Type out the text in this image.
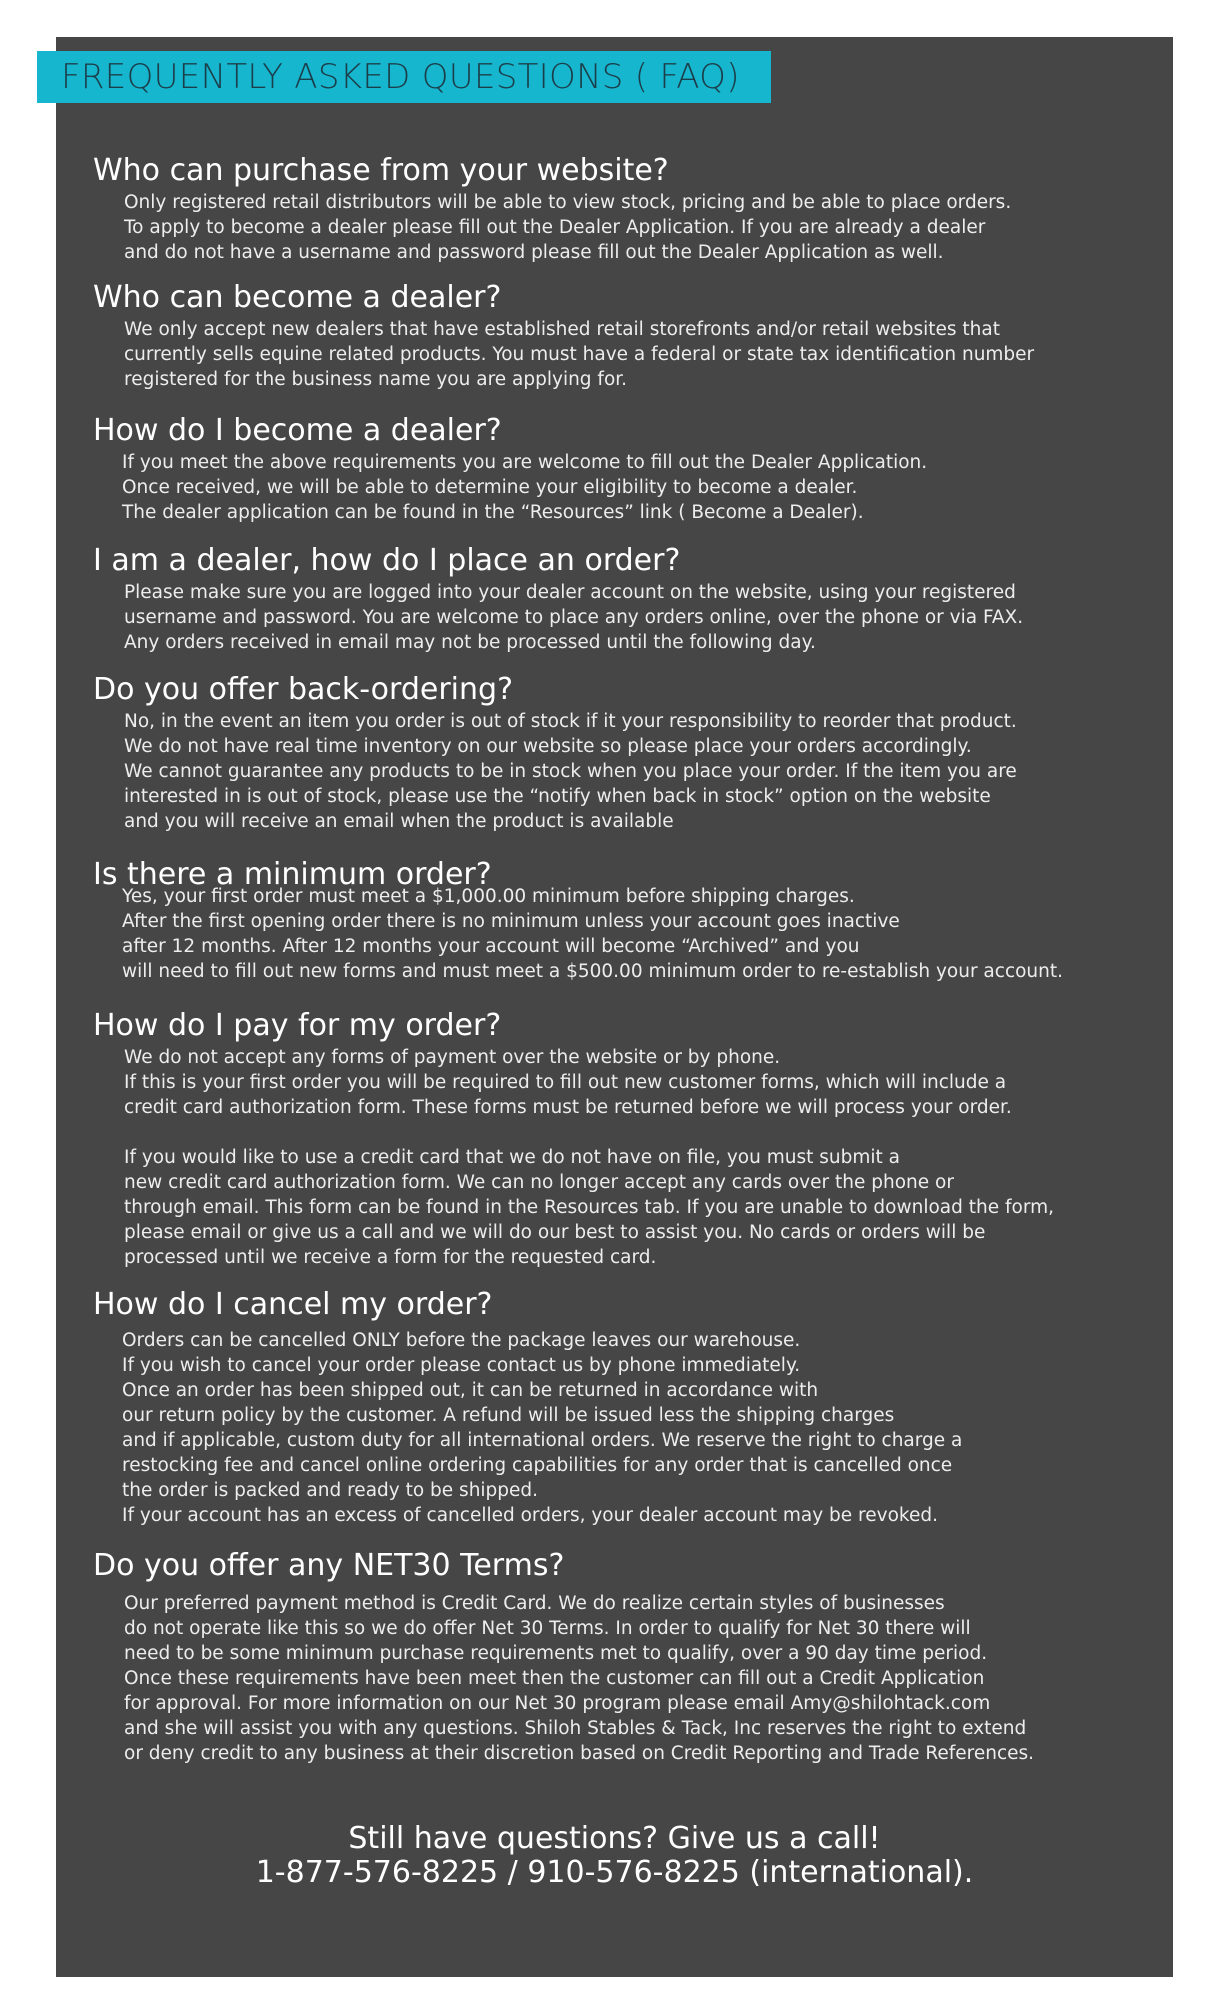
FREQUENTLY ASKED QUESTIONS ( FAQ)
Who can purchase from your website?
Only registered retail distributors will be able to view stock, pricing and be able to place orders.
To apply to become a dealer please fill out the Dealer Application. If you are already a dealer
and do not have a username and password please fill out the Dealer Application as well.
Who can become a dealer?
We only accept new dealers that have established retail storefronts and/or retail websites that
currently sells equine related products. You must have a federal or state tax identification number
registered for the business name you are applying for.
How do I become a dealer?
If you meet the above requirements you are welcome to fill out the Dealer Application.
Once received, we will be able to determine your eligibility to become a dealer.
The dealer application can be found in the “Resources” link ( Become a Dealer).
I am a dealer, how do I place an order?
Please make sure you are logged into your dealer account on the website, using your registered
username and password. You are welcome to place any orders online, over the phone or via FAX.
Any orders received in email may not be processed until the following day.
Do you offer back-ordering?
No, in the event an item you order is out of stock if it your responsibility to reorder that product.
We do not have real time inventory on our website so please place your orders accordingly.
We cannot guarantee any products to be in stock when you place your order. If the item you are
interested in is out of stock, please use the “notify when back in stock” option on the website
and you will receive an email when the product is available
Is there a minimum order?
Yes, your first order must meet a $1,000.00 minimum before shipping charges.
After the first opening order there is no minimum unless your account goes inactive
after 12 months. After 12 months your account will become “Archived” and you
will need to fill out new forms and must meet a $500.00 minimum order to re-establish your account.
How do I pay for my order?
We do not accept any forms of payment over the website or by phone.
If this is your first order you will be required to fill out new customer forms, which will include a
credit card authorization form. These forms must be returned before we will process your order.
If you would like to use a credit card that we do not have on file, you must submit a
new credit card authorization form. We can no longer accept any cards over the phone or
through email. This form can be found in the Resources tab. If you are unable to download the form,
please email or give us a call and we will do our best to assist you. No cards or orders will be
processed until we receive a form for the requested card.
How do I cancel my order?
Orders can be cancelled ONLY before the package leaves our warehouse.
If you wish to cancel your order please contact us by phone immediately.
Once an order has been shipped out, it can be returned in accordance with
our return policy by the customer. A refund will be issued less the shipping charges
and if applicable, custom duty for all international orders. We reserve the right to charge a
restocking fee and cancel online ordering capabilities for any order that is cancelled once
the order is packed and ready to be shipped.
If your account has an excess of cancelled orders, your dealer account may be revoked.
Do you offer any NET30 Terms?
Our preferred payment method is Credit Card. We do realize certain styles of businesses
do not operate like this so we do offer Net 30 Terms. In order to qualify for Net 30 there will
need to be some minimum purchase requirements met to qualify, over a 90 day time period.
Once these requirements have been meet then the customer can fill out a Credit Application
for approval. For more information on our Net 30 program please email Amy@shilohtack.com
and she will assist you with any questions. Shiloh Stables & Tack, Inc reserves the right to extend
or deny credit to any business at their discretion based on Credit Reporting and Trade References.
Still have questions? Give us a call!
1-877-576-8225 / 910-576-8225 (international).
